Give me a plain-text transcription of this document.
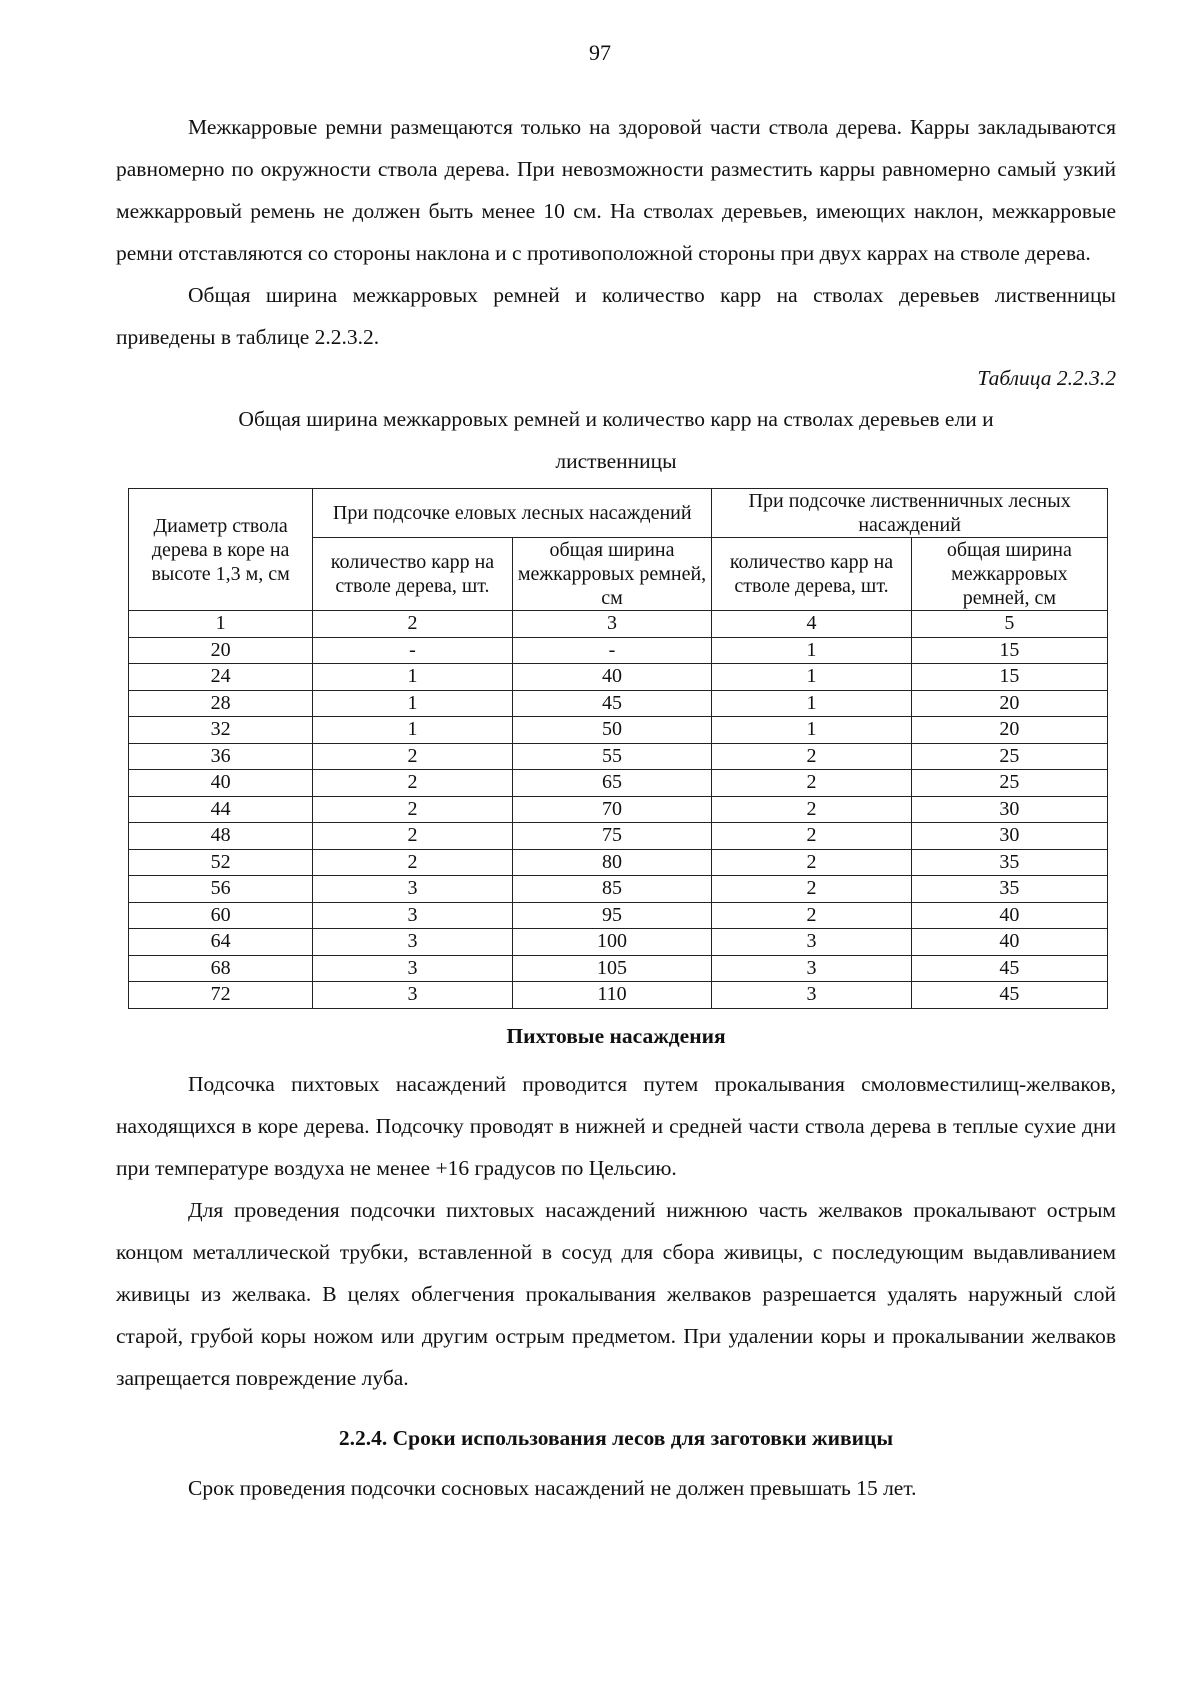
97

Межкарровые ремни размещаются только на здоровой части ствола дерева. Карры закладываются равномерно по окружности ствола дерева. При невозможности разместить карры равномерно самый узкий межкарровый ремень не должен быть менее 10 см. На стволах деревьев, имеющих наклон, межкарровые ремни отставляются со стороны наклона и с противоположной стороны при двух каррах на стволе дерева.

Общая ширина межкарровых ремней и количество карр на стволах деревьев лиственницы приведены в таблице 2.2.3.2.

Таблица 2.2.3.2
Общая ширина межкарровых ремней и количество карр на стволах деревьев ели и лиственницы
Диаметр ствола дерева в коре на высоте 1,3 м, см	При подсочке еловых лесных насаждений		При подсочке лиственничных лесных насаждений	
	количество карр на стволе дерева, шт.	общая ширина межкарровых ремней, см	количество карр на стволе дерева, шт.	общая ширина межкарровых ремней, см
1	2	3	4	5
20	-	-	1	15
24	1	40	1	15
28	1	45	1	20
32	1	50	1	20
36	2	55	2	25
40	2	65	2	25
44	2	70	2	30
48	2	75	2	30
52	2	80	2	35
56	3	85	2	35
60	3	95	2	40
64	3	100	3	40
68	3	105	3	45
72	3	110	3	45
Пихтовые насаждения

Подсочка пихтовых насаждений проводится путем прокалывания смоловместилищ-желваков, находящихся в коре дерева. Подсочку проводят в нижней и средней части ствола дерева в теплые сухие дни при температуре воздуха не менее +16 градусов по Цельсию.

Для проведения подсочки пихтовых насаждений нижнюю часть желваков прокалывают острым концом металлической трубки, вставленной в сосуд для сбора живицы, с последующим выдавливанием живицы из желвака. В целях облегчения прокалывания желваков разрешается удалять наружный слой старой, грубой коры ножом или другим острым предметом. При удалении коры и прокалывании желваков запрещается повреждение луба.

2.2.4. Сроки использования лесов для заготовки живицы

Срок проведения подсочки сосновых насаждений не должен превышать 15 лет.
